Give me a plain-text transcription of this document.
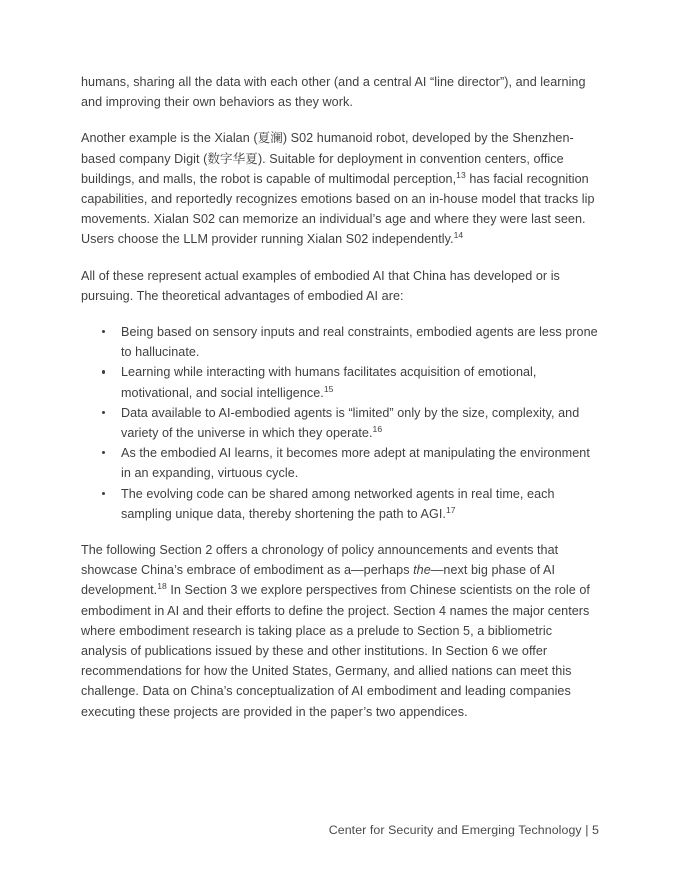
humans, sharing all the data with each other (and a central AI “line director”), and learning and improving their own behaviors as they work.

Another example is the Xialan (夏澜) S02 humanoid robot, developed by the Shenzhen-based company Digit (数字华夏). Suitable for deployment in convention centers, office buildings, and malls, the robot is capable of multimodal perception,$^{13}$ has facial recognition capabilities, and reportedly recognizes emotions based on an in-house model that tracks lip movements. Xialan S02 can memorize an individual’s age and where they were last seen. Users choose the LLM provider running Xialan S02 independently.$^{14}$

All of these represent actual examples of embodied AI that China has developed or is pursuing. The theoretical advantages of embodied AI are:

Being based on sensory inputs and real constraints, embodied agents are less prone to hallucinate.
Learning while interacting with humans facilitates acquisition of emotional, motivational, and social intelligence.$^{15}$
Data available to AI-embodied agents is “limited” only by the size, complexity, and variety of the universe in which they operate.$^{16}$
As the embodied AI learns, it becomes more adept at manipulating the environment in an expanding, virtuous cycle.
The evolving code can be shared among networked agents in real time, each sampling unique data, thereby shortening the path to AGI.$^{17}$

The following Section 2 offers a chronology of policy announcements and events that showcase China’s embrace of embodiment as a—perhaps the—next big phase of AI development.$^{18}$ In Section 3 we explore perspectives from Chinese scientists on the role of embodiment in AI and their efforts to define the project. Section 4 names the major centers where embodiment research is taking place as a prelude to Section 5, a bibliometric analysis of publications issued by these and other institutions. In Section 6 we offer recommendations for how the United States, Germany, and allied nations can meet this challenge. Data on China’s conceptualization of AI embodiment and leading companies executing these projects are provided in the paper’s two appendices.

Center for Security and Emerging Technology | 5
